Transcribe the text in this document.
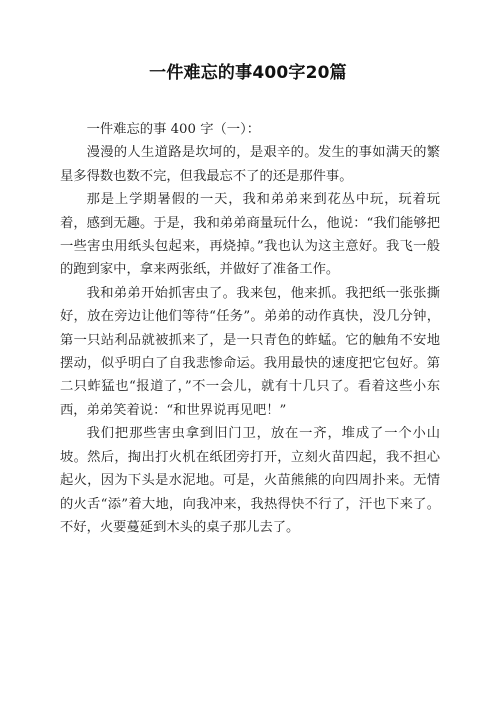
一件难忘的事400字20篇

一件难忘的事 400 字（一）：

漫漫的人生道路是坎坷的，是艰辛的。发生的事如满天的繁星多得数也数不完，但我最忘不了的还是那件事。

那是上学期暑假的一天，我和弟弟来到花丛中玩，玩着玩着，感到无趣。于是，我和弟弟商量玩什么，他说：“我们能够把一些害虫用纸头包起来，再烧掉。”我也认为这主意好。我飞一般的跑到家中，拿来两张纸，并做好了准备工作。

我和弟弟开始抓害虫了。我来包，他来抓。我把纸一张张撕好，放在旁边让他们等待“任务”。弟弟的动作真快，没几分钟，第一只站利品就被抓来了，是一只青色的蚱蜢。它的触角不安地摆动，似乎明白了自我悲惨命运。我用最快的速度把它包好。第二只蚱猛也“报道了，”不一会儿，就有十几只了。看着这些小东西，弟弟笑着说：“和世界说再见吧！”

我们把那些害虫拿到旧门卫，放在一齐，堆成了一个小山坡。然后，掏出打火机在纸团旁打开，立刻火苗四起，我不担心起火，因为下头是水泥地。可是，火苗熊熊的向四周扑来。无情的火舌“添”着大地，向我冲来，我热得快不行了，汗也下来了。不好，火要蔓延到木头的桌子那儿去了。
